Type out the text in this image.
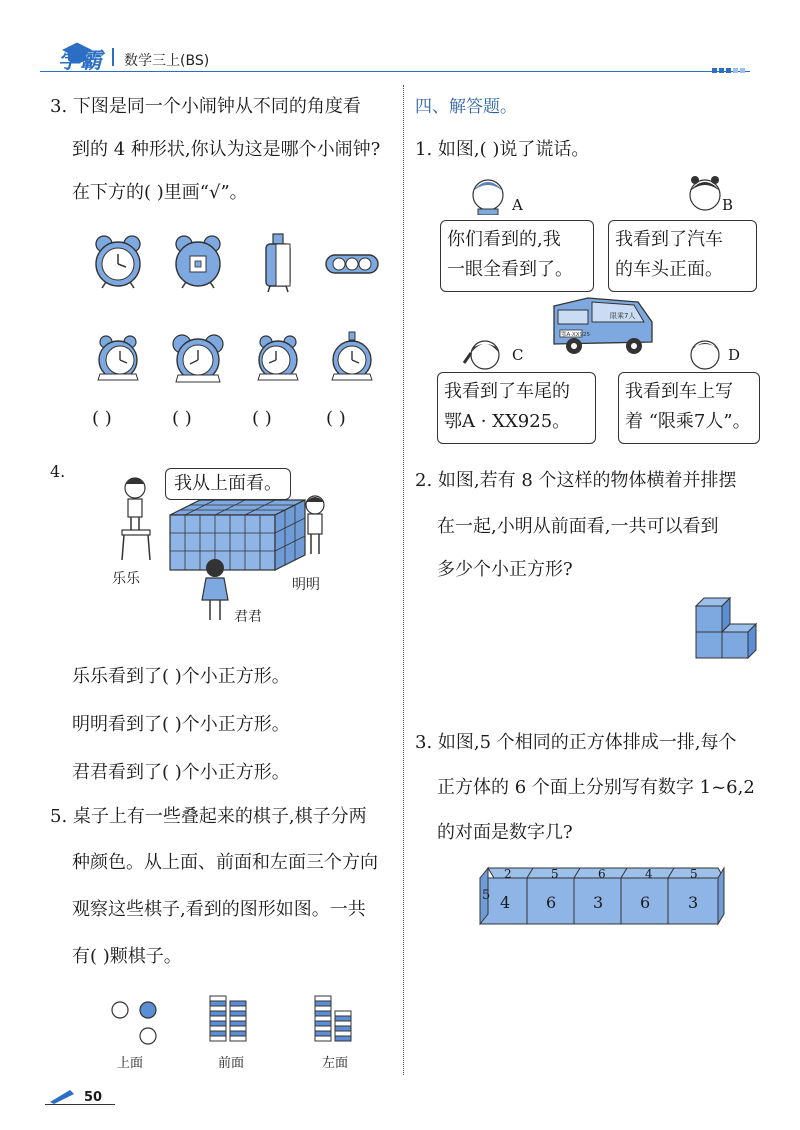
学霸 数学三上(BS)
3. 下图是同一个小闹钟从不同的角度看
到的 4 种形状,你认为这是哪个小闹钟?
在下方的( )里画“√”。
( )	( )	( )	( )
4.
我从上面看。
乐乐	明明
君君
乐乐看到了( )个小正方形。
明明看到了( )个小正方形。
君君看到了( )个小正方形。
5. 桌子上有一些叠起来的棋子,棋子分两
种颜色。从上面、前面和左面三个方向
观察这些棋子,看到的图形如图。一共
有( )颗棋子。
上面	前面	左面
四、解答题。
1. 如图,( )说了谎话。
A	B
你们看到的,我
一眼全看到了。
我看到了汽车
的车头正面。
鄂A·XX925
限乘7人
C	D
我看到了车尾的
鄂A · XX925。
我看到车上写
着 “限乘7人”。
2. 如图,若有 8 个这样的物体横着并排摆
在一起,小明从前面看,一共可以看到
多少个小正方形?
3. 如图,5 个相同的正方体排成一排,每个
正方体的 6 个面上分别写有数字 1~6,2
的对面是数字几?
2	5	6	4	5
5 4 6 3 6 3
50
